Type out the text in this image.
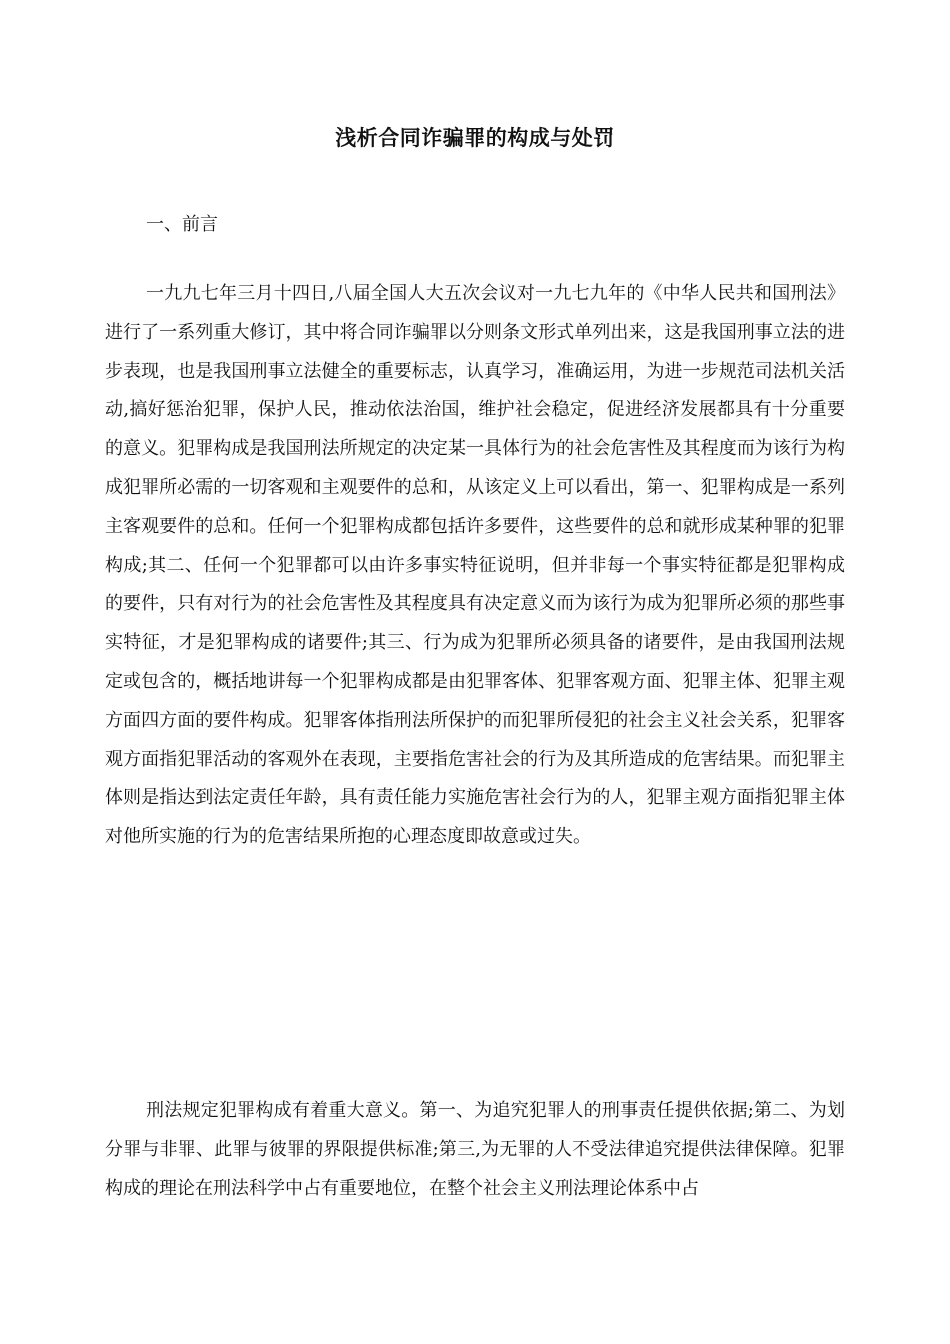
浅析合同诈骗罪的构成与处罚
一、前言

一九九七年三月十四日,八届全国人大五次会议对一九七九年的《中华人民共和国刑法》进行了一系列重大修订，其中将合同诈骗罪以分则条文形式单列出来，这是我国刑事立法的进步表现，也是我国刑事立法健全的重要标志，认真学习，准确运用，为进一步规范司法机关活动,搞好惩治犯罪，保护人民，推动依法治国，维护社会稳定，促进经济发展都具有十分重要的意义。犯罪构成是我国刑法所规定的决定某一具体行为的社会危害性及其程度而为该行为构成犯罪所必需的一切客观和主观要件的总和，从该定义上可以看出，第一、犯罪构成是一系列主客观要件的总和。任何一个犯罪构成都包括许多要件，这些要件的总和就形成某种罪的犯罪构成;其二、任何一个犯罪都可以由许多事实特征说明，但并非每一个事实特征都是犯罪构成的要件，只有对行为的社会危害性及其程度具有决定意义而为该行为成为犯罪所必须的那些事实特征，才是犯罪构成的诸要件;其三、行为成为犯罪所必须具备的诸要件，是由我国刑法规定或包含的，概括地讲每一个犯罪构成都是由犯罪客体、犯罪客观方面、犯罪主体、犯罪主观方面四方面的要件构成。犯罪客体指刑法所保护的而犯罪所侵犯的社会主义社会关系，犯罪客观方面指犯罪活动的客观外在表现，主要指危害社会的行为及其所造成的危害结果。而犯罪主体则是指达到法定责任年龄，具有责任能力实施危害社会行为的人，犯罪主观方面指犯罪主体对他所实施的行为的危害结果所抱的心理态度即故意或过失。

刑法规定犯罪构成有着重大意义。第一、为追究犯罪人的刑事责任提供依据;第二、为划分罪与非罪、此罪与彼罪的界限提供标准;第三,为无罪的人不受法律追究提供法律保障。犯罪构成的理论在刑法科学中占有重要地位，在整个社会主义刑法理论体系中占
